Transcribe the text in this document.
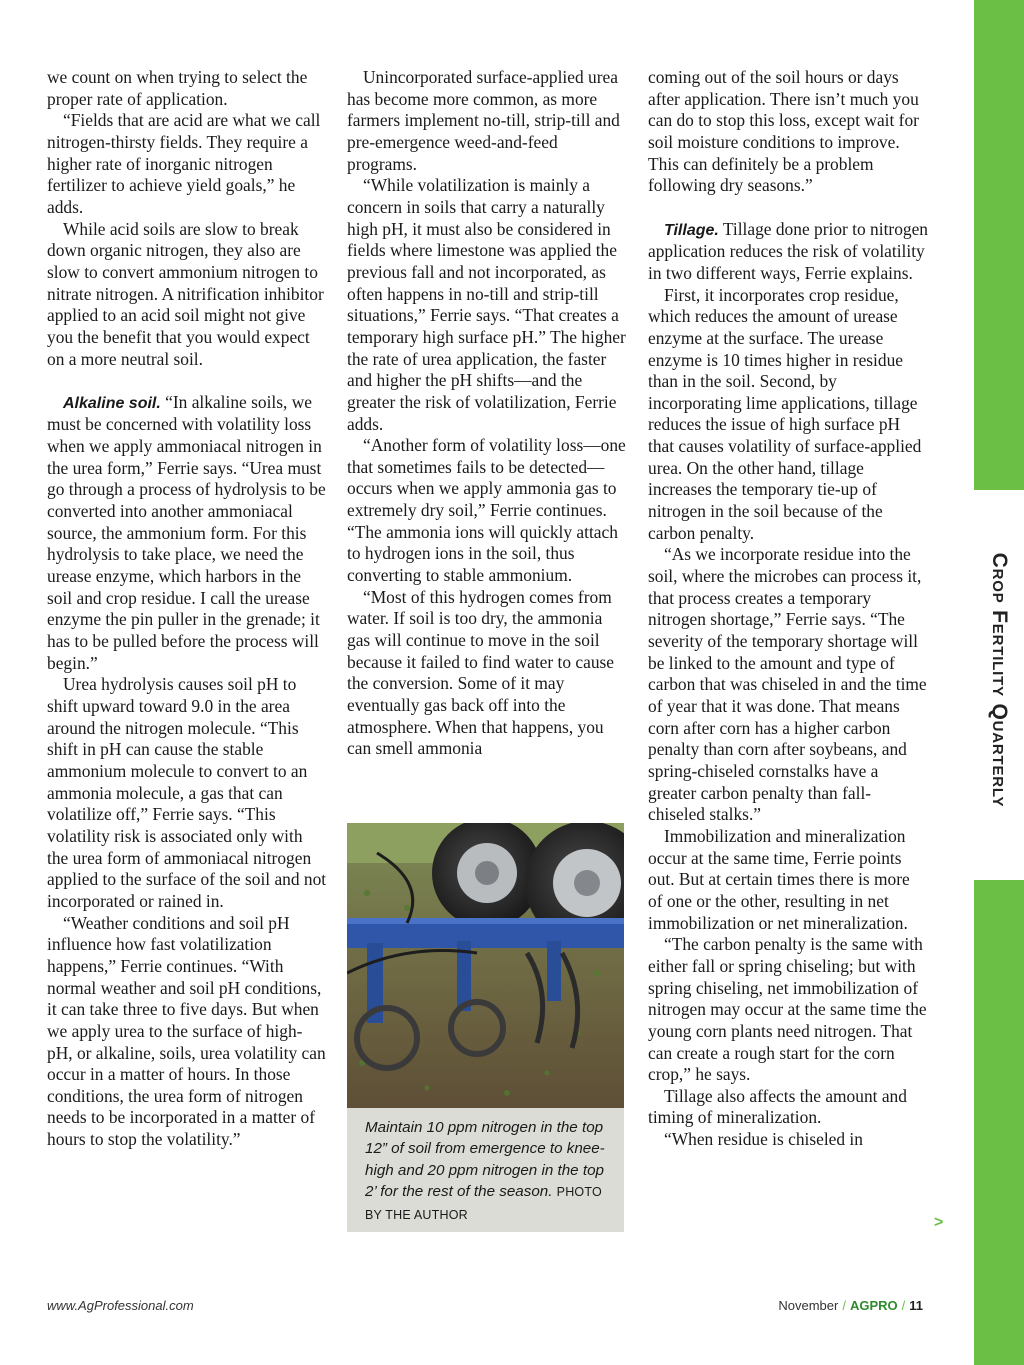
we count on when trying to select the proper rate of application.

“Fields that are acid are what we call nitrogen-thirsty fields. They require a higher rate of inorganic nitrogen fertilizer to achieve yield goals,” he adds.

While acid soils are slow to break down organic nitrogen, they also are slow to convert ammonium nitrogen to nitrate nitrogen. A nitrification inhibitor applied to an acid soil might not give you the benefit that you would expect on a more neutral soil.

Alkaline soil. “In alkaline soils, we must be concerned with volatility loss when we apply ammoniacal nitrogen in the urea form,” Ferrie says. “Urea must go through a process of hydrolysis to be converted into another ammoniacal source, the ammonium form. For this hydrolysis to take place, we need the urease enzyme, which harbors in the soil and crop residue. I call the urease enzyme the pin puller in the grenade; it has to be pulled before the process will begin.”

Urea hydrolysis causes soil pH to shift upward toward 9.0 in the area around the nitrogen molecule. “This shift in pH can cause the stable ammonium molecule to convert to an ammonia molecule, a gas that can volatilize off,” Ferrie says. “This volatility risk is associated only with the urea form of ammoniacal nitrogen applied to the surface of the soil and not incorporated or rained in.

“Weather conditions and soil pH influence how fast volatilization happens,” Ferrie continues. “With normal weather and soil pH conditions, it can take three to five days. But when we apply urea to the surface of high-pH, or alkaline, soils, urea volatility can occur in a matter of hours. In those conditions, the urea form of nitrogen needs to be incorporated in a matter of hours to stop the volatility.”

Unincorporated surface-applied urea has become more common, as more farmers implement no-till, strip-till and pre-emergence weed-and-feed programs.

“While volatilization is mainly a concern in soils that carry a naturally high pH, it must also be considered in fields where limestone was applied the previous fall and not incorporated, as often happens in no-till and strip-till situations,” Ferrie says. “That creates a temporary high surface pH.” The higher the rate of urea application, the faster and higher the pH shifts—and the greater the risk of volatilization, Ferrie adds.

“Another form of volatility loss—one that sometimes fails to be detected—occurs when we apply ammonia gas to extremely dry soil,” Ferrie continues. “The ammonia ions will quickly attach to hydrogen ions in the soil, thus converting to stable ammonium.

“Most of this hydrogen comes from water. If soil is too dry, the ammonia gas will continue to move in the soil because it failed to find water to cause the conversion. Some of it may eventually gas back off into the atmosphere. When that happens, you can smell ammonia

Maintain 10 ppm nitrogen in the top 12” of soil from emergence to knee-high and 20 ppm nitrogen in the top 2’ for the rest of the season. PHOTO BY THE AUTHOR

coming out of the soil hours or days after application. There isn’t much you can do to stop this loss, except wait for soil moisture conditions to improve. This can definitely be a problem following dry seasons.”

Tillage. Tillage done prior to nitrogen application reduces the risk of volatility in two different ways, Ferrie explains.

First, it incorporates crop residue, which reduces the amount of urease enzyme at the surface. The urease enzyme is 10 times higher in residue than in the soil. Second, by incorporating lime applications, tillage reduces the issue of high surface pH that causes volatility of surface-applied urea. On the other hand, tillage increases the temporary tie-up of nitrogen in the soil because of the carbon penalty.

“As we incorporate residue into the soil, where the microbes can process it, that process creates a temporary nitrogen shortage,” Ferrie says. “The severity of the temporary shortage will be linked to the amount and type of carbon that was chiseled in and the time of year that it was done. That means corn after corn has a higher carbon penalty than corn after soybeans, and spring-chiseled cornstalks have a greater carbon penalty than fall-chiseled stalks.”

Immobilization and mineralization occur at the same time, Ferrie points out. But at certain times there is more of one or the other, resulting in net immobilization or net mineralization.

“The carbon penalty is the same with either fall or spring chiseling; but with spring chiseling, net immobilization of nitrogen may occur at the same time the young corn plants need nitrogen. That can create a rough start for the corn crop,” he says.

Tillage also affects the amount and timing of mineralization.

“When residue is chiseled in

>
Crop Fertility Quarterly
www.AgProfessional.com	November / AGPRO / 11
